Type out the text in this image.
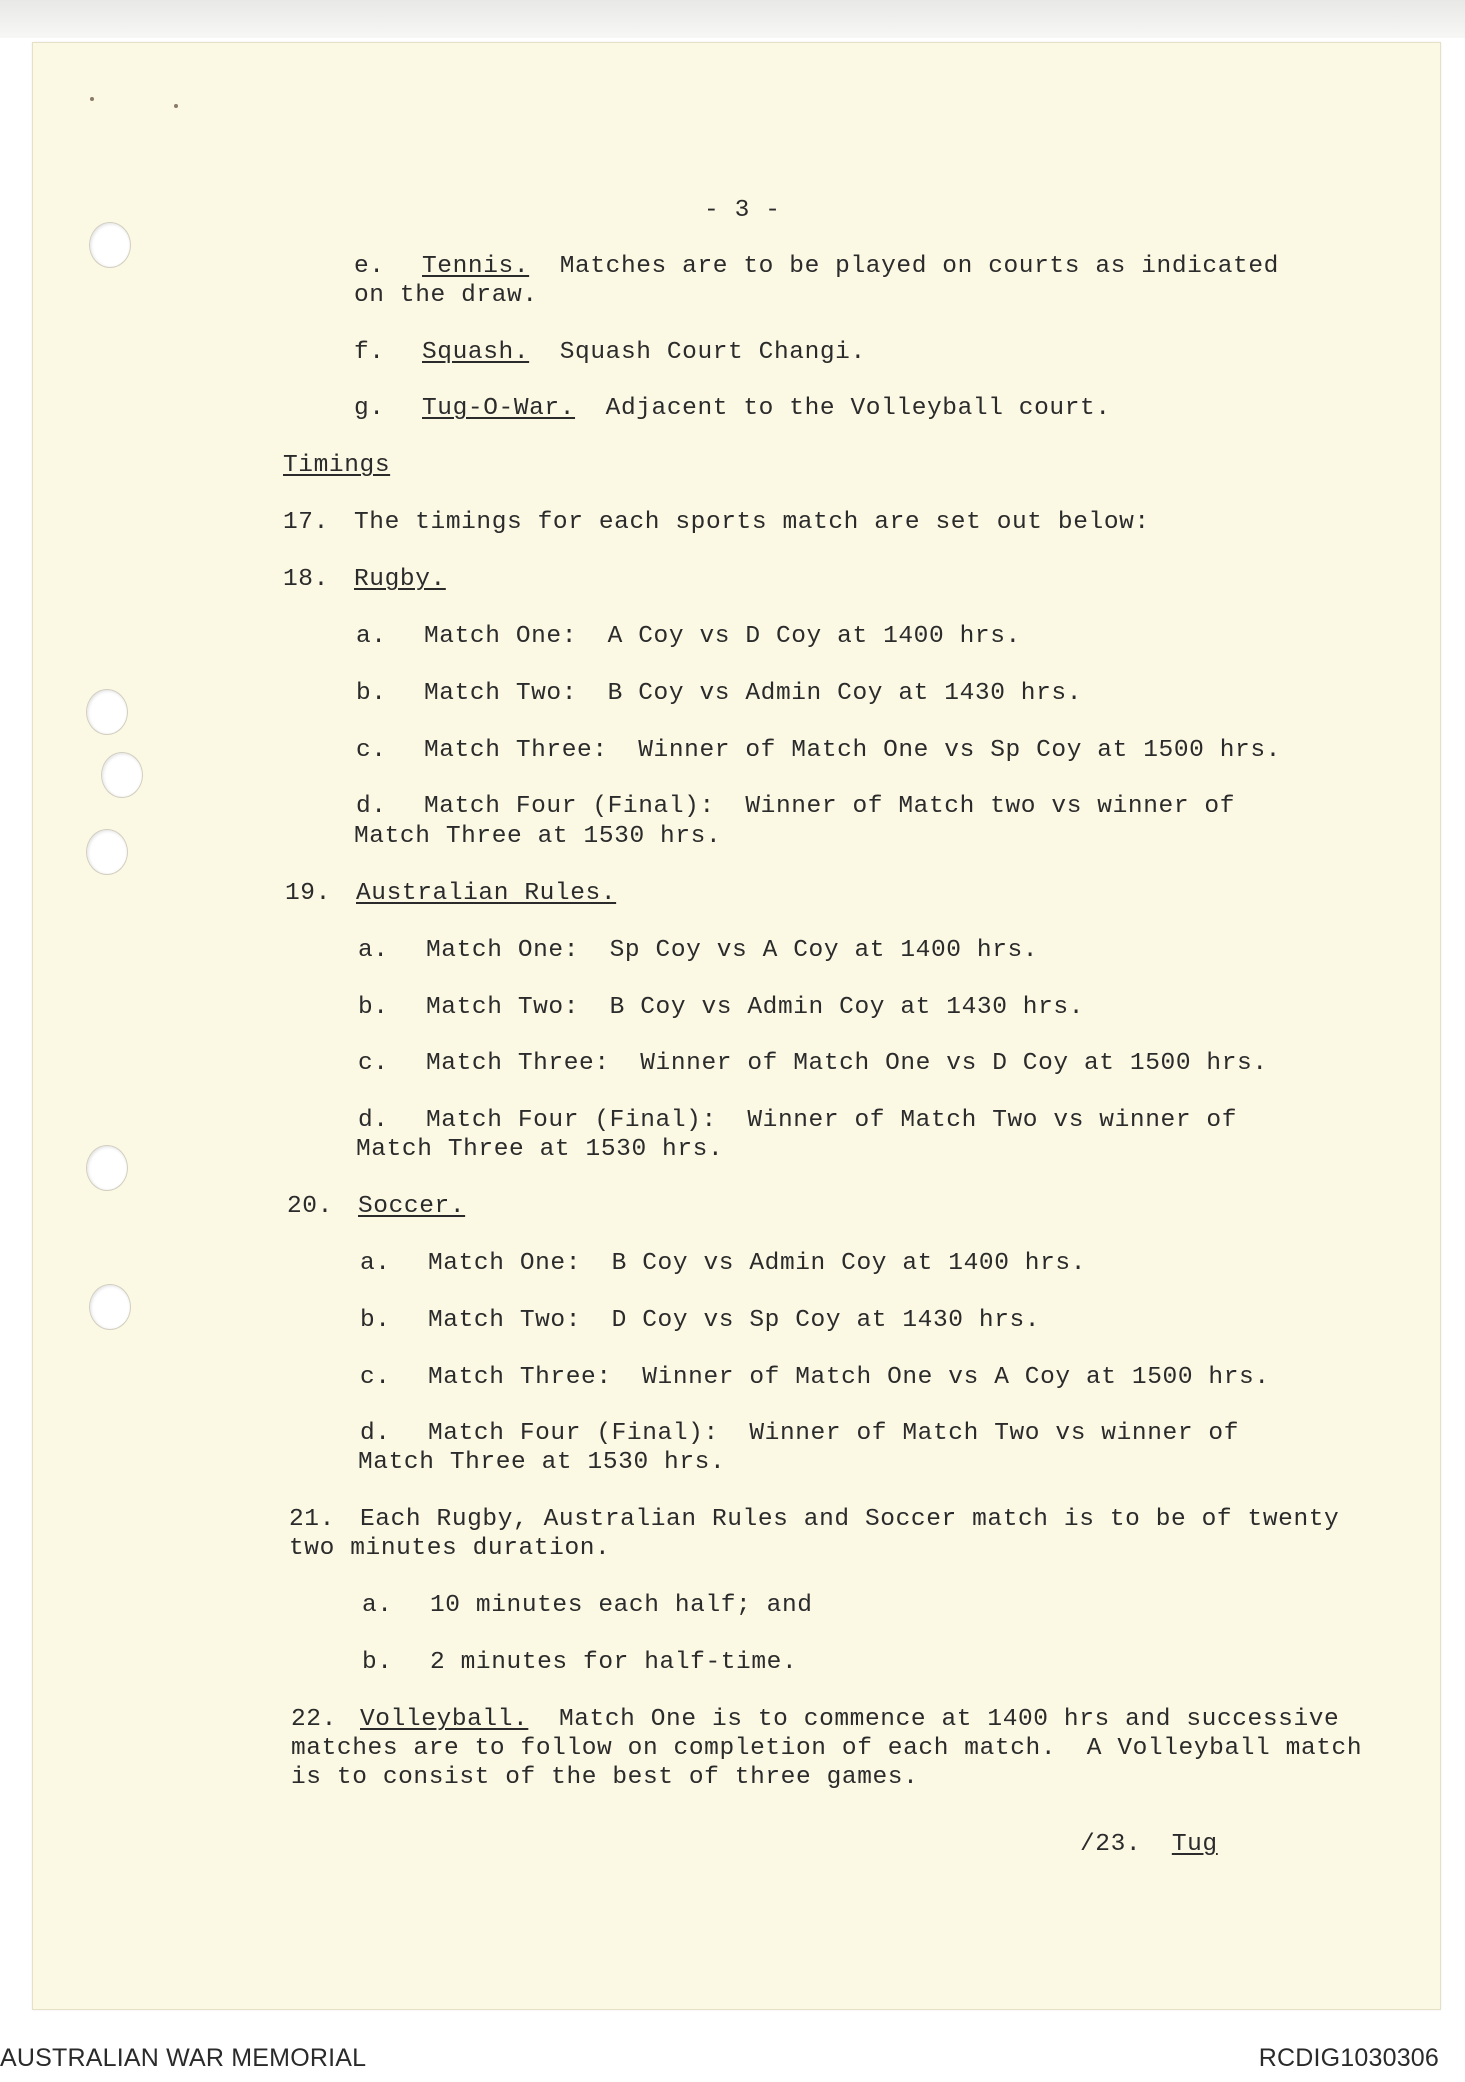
- 3 -

e. Tennis. Matches are to be played on courts as indicated

on the draw.

f. Squash. Squash Court Changi.

g. Tug-O-War. Adjacent to the Volleyball court.

Timings

17. The timings for each sports match are set out below:

18. Rugby.

a. Match One:  A Coy vs D Coy at 1400 hrs.

b. Match Two:  B Coy vs Admin Coy at 1430 hrs.

c. Match Three:  Winner of Match One vs Sp Coy at 1500 hrs.

d. Match Four (Final):  Winner of Match two vs winner of

Match Three at 1530 hrs.

19. Australian Rules.

a. Match One:  Sp Coy vs A Coy at 1400 hrs.

b. Match Two:  B Coy vs Admin Coy at 1430 hrs.

c. Match Three:  Winner of Match One vs D Coy at 1500 hrs.

d. Match Four (Final):  Winner of Match Two vs winner of

Match Three at 1530 hrs.

20. Soccer.

a. Match One:  B Coy vs Admin Coy at 1400 hrs.

b. Match Two:  D Coy vs Sp Coy at 1430 hrs.

c. Match Three:  Winner of Match One vs A Coy at 1500 hrs.

d. Match Four (Final):  Winner of Match Two vs winner of

Match Three at 1530 hrs.

21. Each Rugby, Australian Rules and Soccer match is to be of twenty

two minutes duration.

a. 10 minutes each half; and

b. 2 minutes for half-time.

22. Volleyball. Match One is to commence at 1400 hrs and successive

matches are to follow on completion of each match.  A Volleyball match

is to consist of the best of three games.

/23. Tug

AUSTRALIAN WAR MEMORIAL	RCDIG1030306
